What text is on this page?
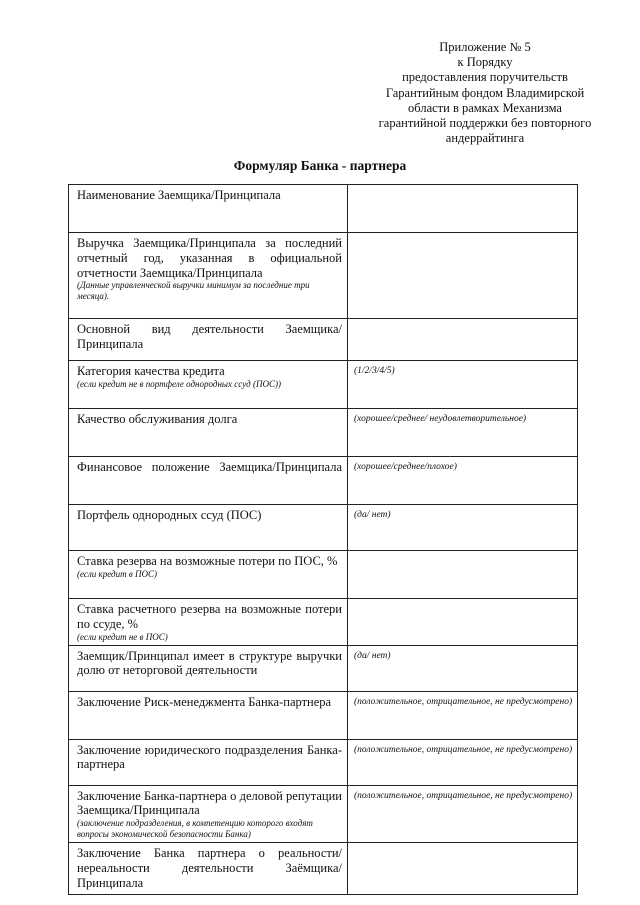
Приложение № 5
к Порядку
предоставления поручительств
Гарантийным фондом Владимирской
области в рамках Механизма
гарантийной поддержки без повторного
андеррайтинга
Формуляр Банка - партнера
Наименование Заемщика/Принципала	

Выручка Заемщика/Принципала за последний отчетный год, указанная в официальной отчетности Заемщика/Принципала
(Данные управленческой выручки минимум за последние три месяца).	

Основной вид деятельности Заемщика/Принципала	

Категория качества кредита
(если кредит не в портфеле однородных ссуд (ПОС))	(1/2/3/4/5)

Качество обслуживания долга	(хорошее/среднее/ неудовлетворительное)

Финансовое положение Заемщика/Принципала	(хорошее/среднее/плохое)

Портфель однородных ссуд (ПОС)	(да/ нет)

Ставка резерва на возможные потери по ПОС, %
(если кредит в ПОС)	

Ставка расчетного резерва на возможные потери по ссуде, %
(если кредит не в ПОС)	

Заемщик/Принципал имеет в структуре выручки долю от неторговой деятельности	(да/ нет)

Заключение Риск-менеджмента Банка-партнера	(положительное, отрицательное, не предусмотрено)

Заключение юридического подразделения Банка-партнера	(положительное, отрицательное, не предусмотрено)

Заключение Банка-партнера о деловой репутации Заемщика/Принципала
(заключение подразделения, в компетенцию которого входят вопросы экономической безопасности Банка)	(положительное, отрицательное, не предусмотрено)

Заключение Банка партнера о реальности/нереальности деятельности Заёмщика/Принципала	
